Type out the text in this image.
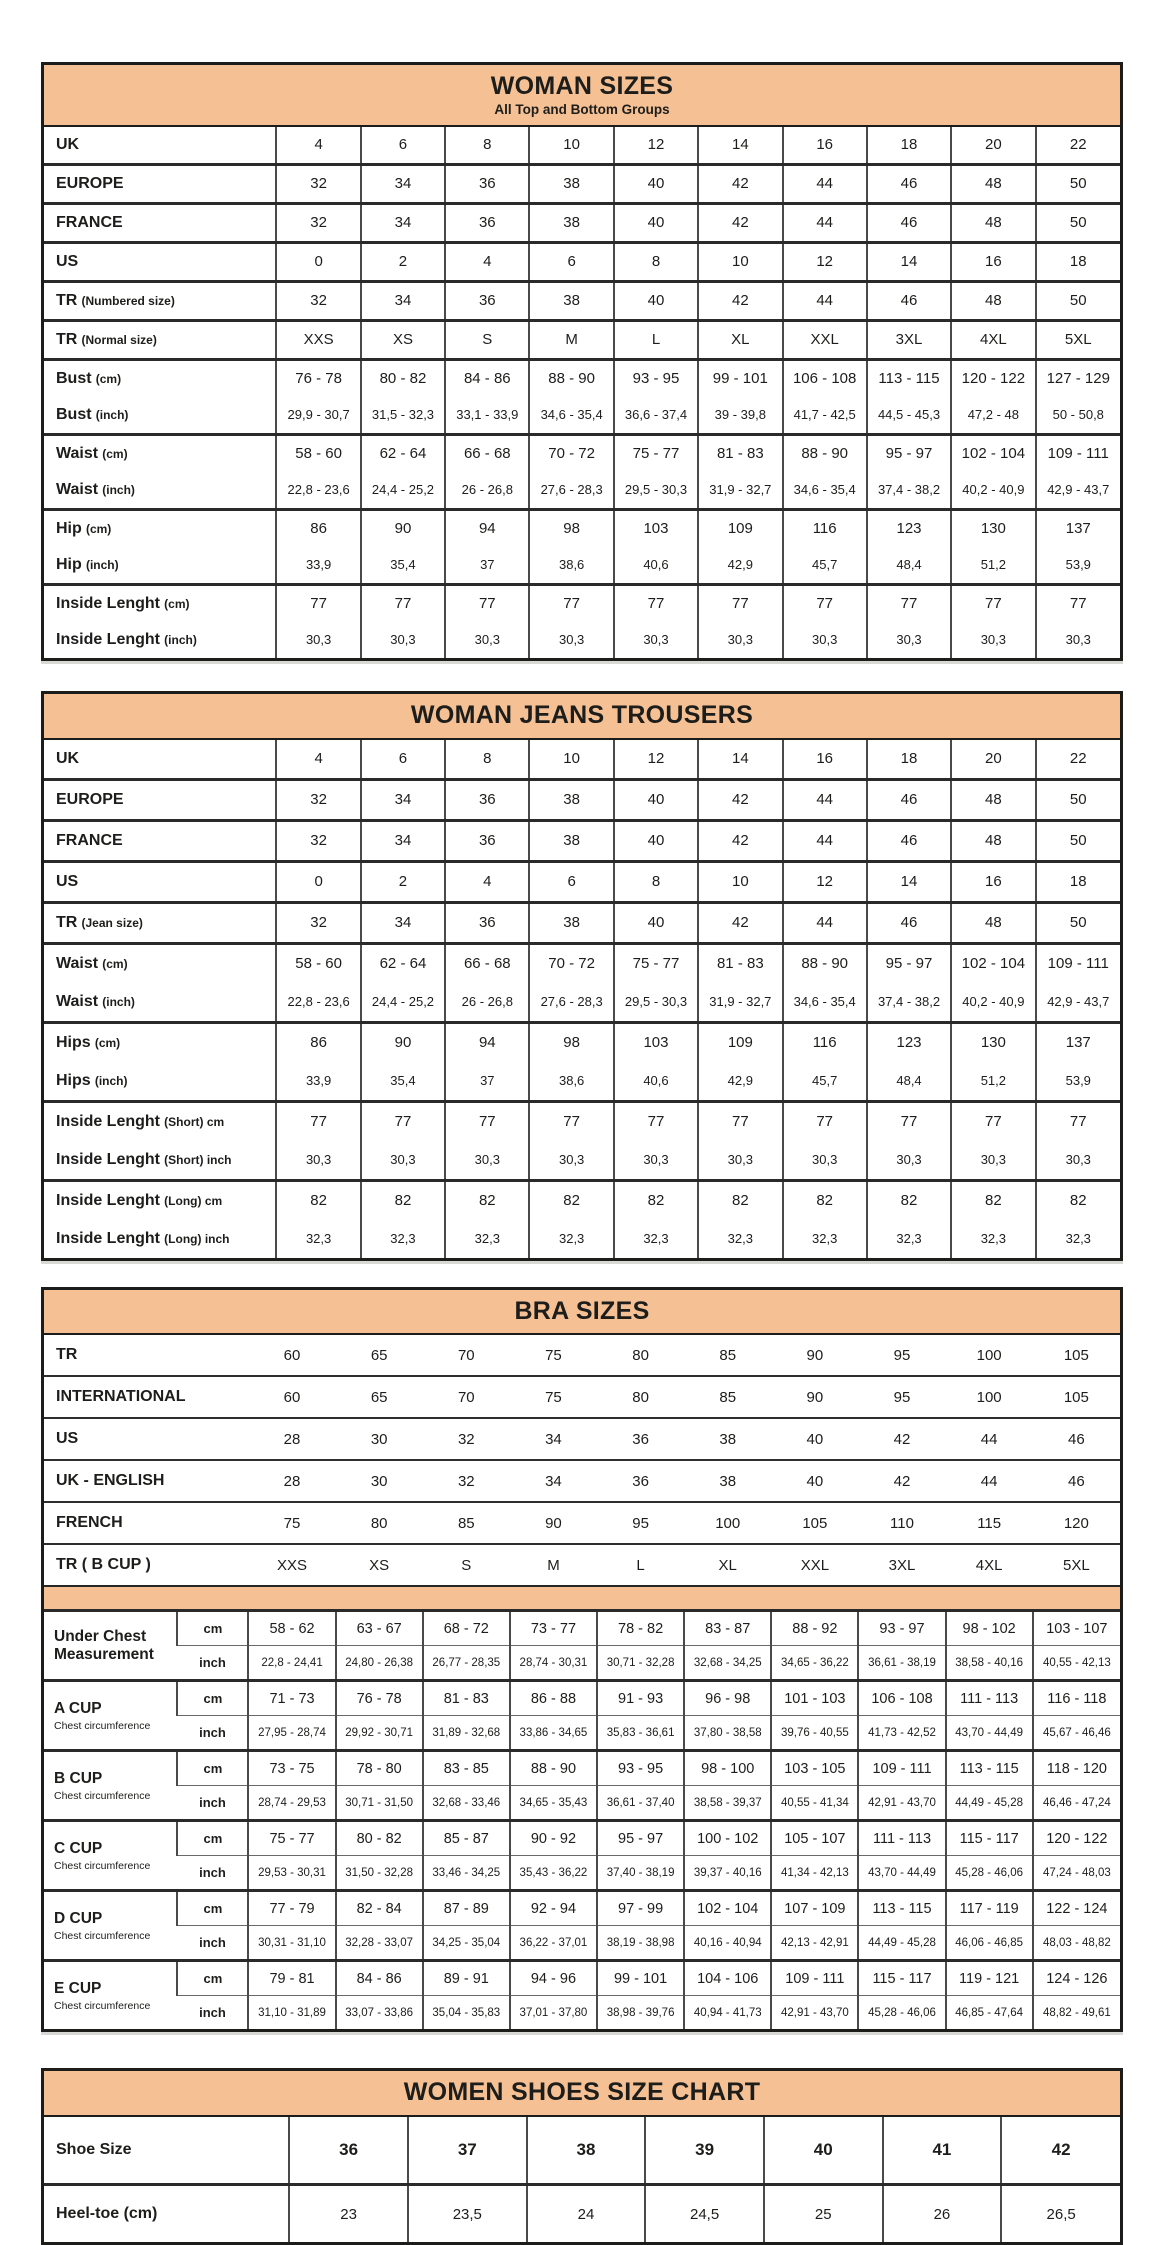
WOMAN SIZES
All Top and Bottom Groups
UK	4	6	8	10	12	14	16	18	20	22
EUROPE	32	34	36	38	40	42	44	46	48	50
FRANCE	32	34	36	38	40	42	44	46	48	50
US	0	2	4	6	8	10	12	14	16	18
TR (Numbered size)	32	34	36	38	40	42	44	46	48	50
TR (Normal size)	XXS	XS	S	M	L	XL	XXL	3XL	4XL	5XL
Bust (cm)	76 - 78	80 - 82	84 - 86	88 - 90	93 - 95	99 - 101	106 - 108	113 - 115	120 - 122	127 - 129
Bust (inch)	29,9 - 30,7	31,5 - 32,3	33,1 - 33,9	34,6 - 35,4	36,6 - 37,4	39 - 39,8	41,7 - 42,5	44,5 - 45,3	47,2 - 48	50 - 50,8
Waist (cm)	58 - 60	62 - 64	66 - 68	70 - 72	75 - 77	81 - 83	88 - 90	95 - 97	102 - 104	109 - 111
Waist (inch)	22,8 - 23,6	24,4 - 25,2	26 - 26,8	27,6 - 28,3	29,5 - 30,3	31,9 - 32,7	34,6 - 35,4	37,4 - 38,2	40,2 - 40,9	42,9 - 43,7
Hip (cm)	86	90	94	98	103	109	116	123	130	137
Hip (inch)	33,9	35,4	37	38,6	40,6	42,9	45,7	48,4	51,2	53,9
Inside Lenght (cm)	77	77	77	77	77	77	77	77	77	77
Inside Lenght (inch)	30,3	30,3	30,3	30,3	30,3	30,3	30,3	30,3	30,3	30,3
WOMAN JEANS TROUSERS
UK	4	6	8	10	12	14	16	18	20	22
EUROPE	32	34	36	38	40	42	44	46	48	50
FRANCE	32	34	36	38	40	42	44	46	48	50
US	0	2	4	6	8	10	12	14	16	18
TR (Jean size)	32	34	36	38	40	42	44	46	48	50
Waist (cm)	58 - 60	62 - 64	66 - 68	70 - 72	75 - 77	81 - 83	88 - 90	95 - 97	102 - 104	109 - 111
Waist (inch)	22,8 - 23,6	24,4 - 25,2	26 - 26,8	27,6 - 28,3	29,5 - 30,3	31,9 - 32,7	34,6 - 35,4	37,4 - 38,2	40,2 - 40,9	42,9 - 43,7
Hips (cm)	86	90	94	98	103	109	116	123	130	137
Hips (inch)	33,9	35,4	37	38,6	40,6	42,9	45,7	48,4	51,2	53,9
Inside Lenght (Short) cm	77	77	77	77	77	77	77	77	77	77
Inside Lenght (Short) inch	30,3	30,3	30,3	30,3	30,3	30,3	30,3	30,3	30,3	30,3
Inside Lenght (Long) cm	82	82	82	82	82	82	82	82	82	82
Inside Lenght (Long) inch	32,3	32,3	32,3	32,3	32,3	32,3	32,3	32,3	32,3	32,3
BRA SIZES
TR		60	65	70	75	80	85	90	95	100	105
INTERNATIONAL		60	65	70	75	80	85	90	95	100	105
US		28	30	32	34	36	38	40	42	44	46
UK - ENGLISH		28	30	32	34	36	38	40	42	44	46
FRENCH		75	80	85	90	95	100	105	110	115	120
TR ( B CUP )		XXS	XS	S	M	L	XL	XXL	3XL	4XL	5XL

Under Chest
Measurement	cm	58 - 62	63 - 67	68 - 72	73 - 77	78 - 82	83 - 87	88 - 92	93 - 97	98 - 102	103 - 107
	inch	22,8 - 24,41	24,80 - 26,38	26,77 - 28,35	28,74 - 30,31	30,71 - 32,28	32,68 - 34,25	34,65 - 36,22	36,61 - 38,19	38,58 - 40,16	40,55 - 42,13

A CUP
Chest circumference	cm	71 - 73	76 - 78	81 - 83	86 - 88	91 - 93	96 - 98	101 - 103	106 - 108	111 - 113	116 - 118
	inch	27,95 - 28,74	29,92 - 30,71	31,89 - 32,68	33,86 - 34,65	35,83 - 36,61	37,80 - 38,58	39,76 - 40,55	41,73 - 42,52	43,70 - 44,49	45,67 - 46,46

B CUP
Chest circumference	cm	73 - 75	78 - 80	83 - 85	88 - 90	93 - 95	98 - 100	103 - 105	109 - 111	113 - 115	118 - 120
	inch	28,74 - 29,53	30,71 - 31,50	32,68 - 33,46	34,65 - 35,43	36,61 - 37,40	38,58 - 39,37	40,55 - 41,34	42,91 - 43,70	44,49 - 45,28	46,46 - 47,24

C CUP
Chest circumference	cm	75 - 77	80 - 82	85 - 87	90 - 92	95 - 97	100 - 102	105 - 107	111 - 113	115 - 117	120 - 122
	inch	29,53 - 30,31	31,50 - 32,28	33,46 - 34,25	35,43 - 36,22	37,40 - 38,19	39,37 - 40,16	41,34 - 42,13	43,70 - 44,49	45,28 - 46,06	47,24 - 48,03

D CUP
Chest circumference	cm	77 - 79	82 - 84	87 - 89	92 - 94	97 - 99	102 - 104	107 - 109	113 - 115	117 - 119	122 - 124
	inch	30,31 - 31,10	32,28 - 33,07	34,25 - 35,04	36,22 - 37,01	38,19 - 38,98	40,16 - 40,94	42,13 - 42,91	44,49 - 45,28	46,06 - 46,85	48,03 - 48,82

E CUP
Chest circumference	cm	79 - 81	84 - 86	89 - 91	94 - 96	99 - 101	104 - 106	109 - 111	115 - 117	119 - 121	124 - 126
	inch	31,10 - 31,89	33,07 - 33,86	35,04 - 35,83	37,01 - 37,80	38,98 - 39,76	40,94 - 41,73	42,91 - 43,70	45,28 - 46,06	46,85 - 47,64	48,82 - 49,61
WOMEN SHOES SIZE CHART
Shoe Size	36	37	38	39	40	41	42
Heel-toe (cm)	23	23,5	24	24,5	25	26	26,5
